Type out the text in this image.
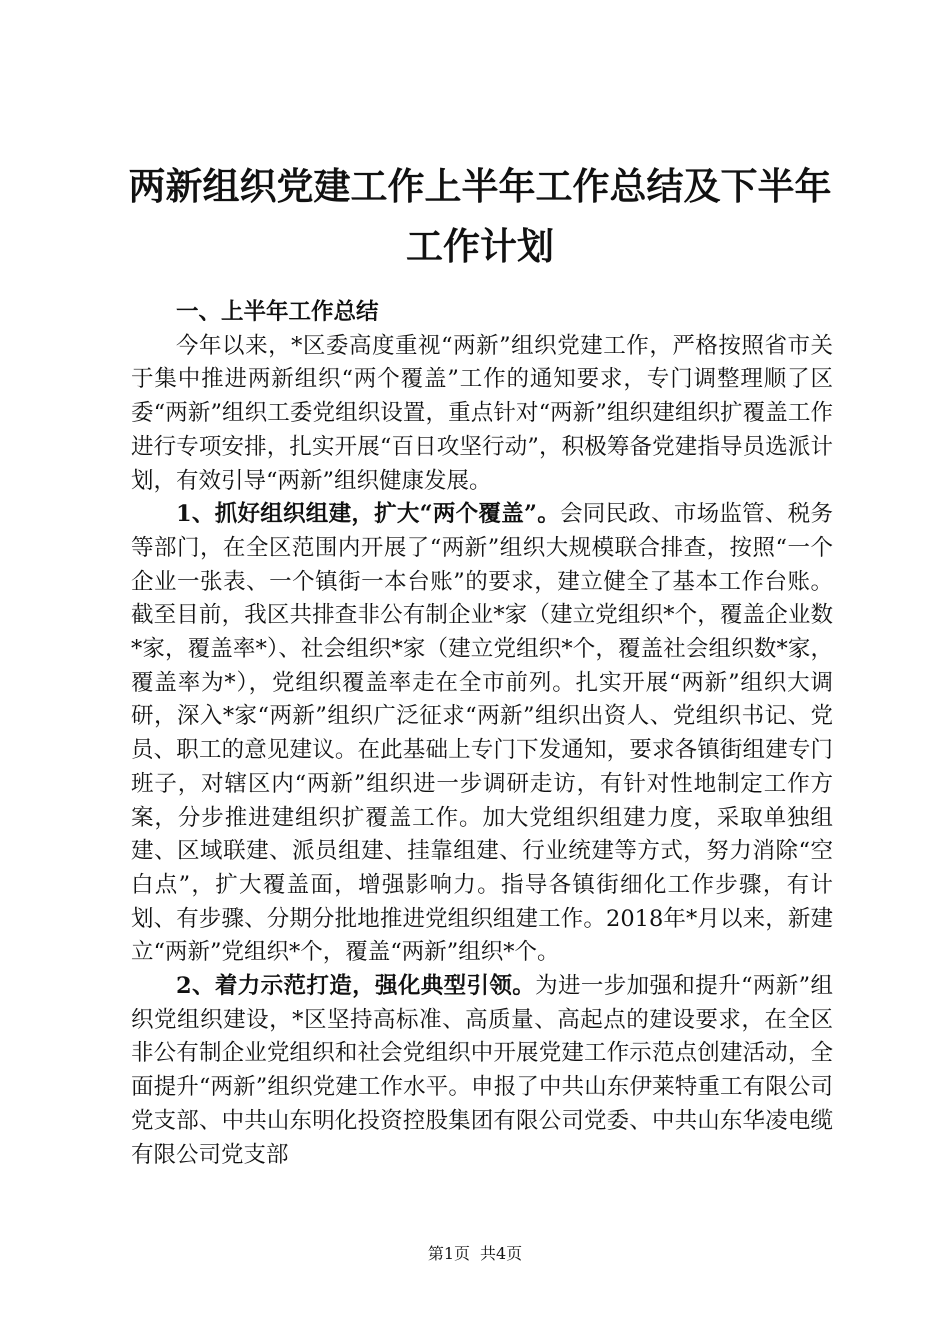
两新组织党建工作上半年工作总结及下半年工作计划

一、上半年工作总结

今年以来，*区委高度重视“两新”组织党建工作，严格按照省市关于集中推进两新组织“两个覆盖”工作的通知要求，专门调整理顺了区委“两新”组织工委党组织设置，重点针对“两新”组织建组织扩覆盖工作进行专项安排，扎实开展“百日攻坚行动”，积极筹备党建指导员选派计划，有效引导“两新”组织健康发展。

1、抓好组织组建，扩大“两个覆盖”。会同民政、市场监管、税务等部门，在全区范围内开展了“两新”组织大规模联合排查，按照“一个企业一张表、一个镇街一本台账”的要求，建立健全了基本工作台账。截至目前，我区共排查非公有制企业*家（建立党组织*个，覆盖企业数*家，覆盖率*）、社会组织*家（建立党组织*个，覆盖社会组织数*家，覆盖率为*），党组织覆盖率走在全市前列。扎实开展“两新”组织大调研，深入*家“两新”组织广泛征求“两新”组织出资人、党组织书记、党员、职工的意见建议。在此基础上专门下发通知，要求各镇街组建专门班子，对辖区内“两新”组织进一步调研走访，有针对性地制定工作方案，分步推进建组织扩覆盖工作。加大党组织组建力度，采取单独组建、区域联建、派员组建、挂靠组建、行业统建等方式，努力消除“空白点”，扩大覆盖面，增强影响力。指导各镇街细化工作步骤，有计划、有步骤、分期分批地推进党组织组建工作。2018年*月以来，新建立“两新”党组织*个，覆盖“两新”组织*个。

2、着力示范打造，强化典型引领。为进一步加强和提升“两新”组织党组织建设，*区坚持高标准、高质量、高起点的建设要求，在全区非公有制企业党组织和社会党组织中开展党建工作示范点创建活动，全面提升“两新”组织党建工作水平。申报了中共山东伊莱特重工有限公司党支部、中共山东明化投资控股集团有限公司党委、中共山东华凌电缆有限公司党支部

第1页 共4页
